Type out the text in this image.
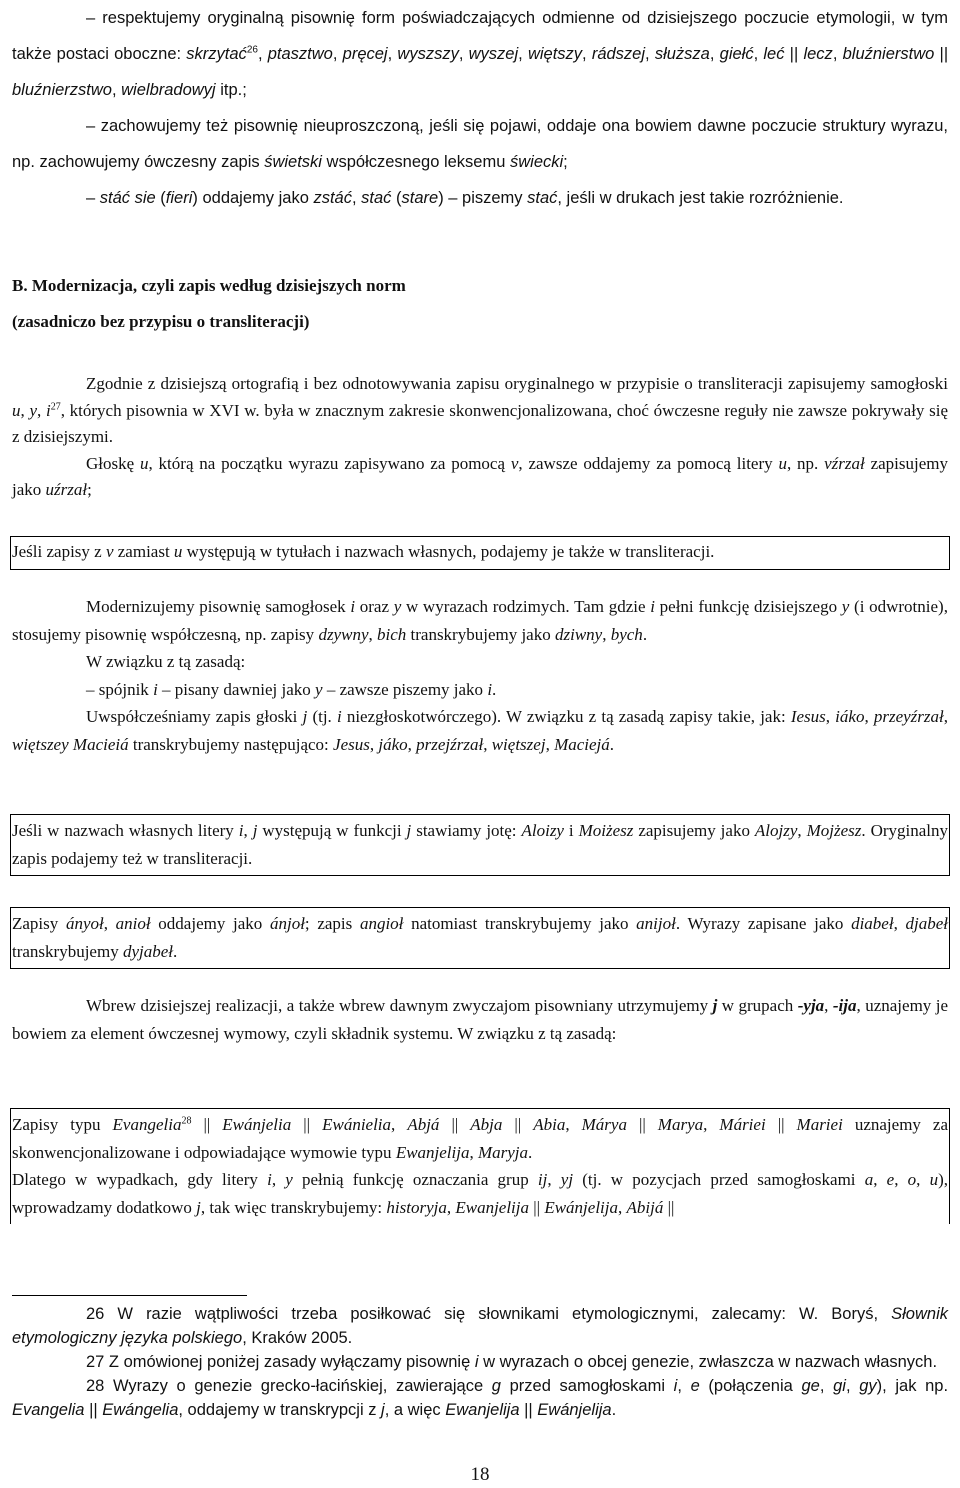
– respektujemy oryginalną pisownię form poświadczających odmienne od dzisiejszego poczucie etymologii, w tym także postaci oboczne: skrzytać$^{26}$, ptasztwo, pręcej, wyszszy, wyszej, więtszy, rádszej, służsza, giełć, leć || lecz, bluźnierstwo || bluźnierzstwo, wielbradowyj itp.;

– zachowujemy też pisownię nieuproszczoną, jeśli się pojawi, oddaje ona bowiem dawne poczucie struktury wyrazu, np. zachowujemy ówczesny zapis świetski współczesnego leksemu świecki;

– stáć sie (fieri) oddajemy jako zstáć, stać (stare) – piszemy stać, jeśli w drukach jest takie rozróżnienie.

B. Modernizacja, czyli zapis według dzisiejszych norm
(zasadniczo bez przypisu o transliteracji)

Zgodnie z dzisiejszą ortografią i bez odnotowywania zapisu oryginalnego w przypisie o transliteracji zapisujemy samogłoski u, y, $i^{27}$, których pisownia w XVI w. była w znacznym zakresie skonwencjonalizowana, choć ówczesne reguły nie zawsze pokrywały się z dzisiejszymi.

Głoskę u, którą na początku wyrazu zapisywano za pomocą v, zawsze oddajemy za pomocą litery u, np. vźrzał zapisujemy jako uźrzał;

Jeśli zapisy z v zamiast u występują w tytułach i nazwach własnych, podajemy je także w transliteracji.

Modernizujemy pisownię samogłosek i oraz y w wyrazach rodzimych. Tam gdzie i pełni funkcję dzisiejszego y (i odwrotnie), stosujemy pisownię współczesną, np. zapisy dzywny, bich transkrybujemy jako dziwny, bych.

W związku z tą zasadą:

– spójnik i – pisany dawniej jako y – zawsze piszemy jako i.

Uwspółcześniamy zapis głoski j (tj. i niezgłoskotwórczego). W związku z tą zasadą zapisy takie, jak: Iesus, iáko, przeyźrzał, więtszey Macieiá transkrybujemy następująco: Jesus, jáko, przejźrzał, więtszej, Maciejá.

Jeśli w nazwach własnych litery i, j występują w funkcji j stawiamy jotę: Aloizy i Moiżesz zapisujemy jako Alojzy, Mojżesz. Oryginalny zapis podajemy też w transliteracji.

Zapisy ányoł, anioł oddajemy jako ánjoł; zapis angioł natomiast transkrybujemy jako anijoł. Wyrazy zapisane jako diabeł, djabeł transkrybujemy dyjabeł.

Wbrew dzisiejszej realizacji, a także wbrew dawnym zwyczajom pisowniany utrzymujemy j w grupach -yja, -ija, uznajemy je bowiem za element ówczesnej wymowy, czyli składnik systemu. W związku z tą zasadą:

Zapisy typu Evangelia$^{28}$ || Ewánjelia || Ewánielia, Abjá || Abja || Abia, Márya || Marya, Máriei || Mariei uznajemy za skonwencjonalizowane i odpowiadające wymowie typu Ewanjelija, Maryja.
Dlatego w wypadkach, gdy litery i, y pełnią funkcję oznaczania grup ij, yj (tj. w pozycjach przed samogłoskami a, e, o, u), wprowadzamy dodatkowo j, tak więc transkrybujemy: historyja, Ewanjelija || Ewánjelija, Abijá ||

26 W razie wątpliwości trzeba posiłkować się słownikami etymologicznymi, zalecamy: W. Boryś, Słownik etymologiczny języka polskiego, Kraków 2005.

27 Z omówionej poniżej zasady wyłączamy pisownię i w wyrazach o obcej genezie, zwłaszcza w nazwach własnych.

28 Wyrazy o genezie grecko-łacińskiej, zawierające g przed samogłoskami i, e (połączenia ge, gi, gy), jak np. Evangelia || Ewángelia, oddajemy w transkrypcji z j, a więc Ewanjelija || Ewánjelija.

18
